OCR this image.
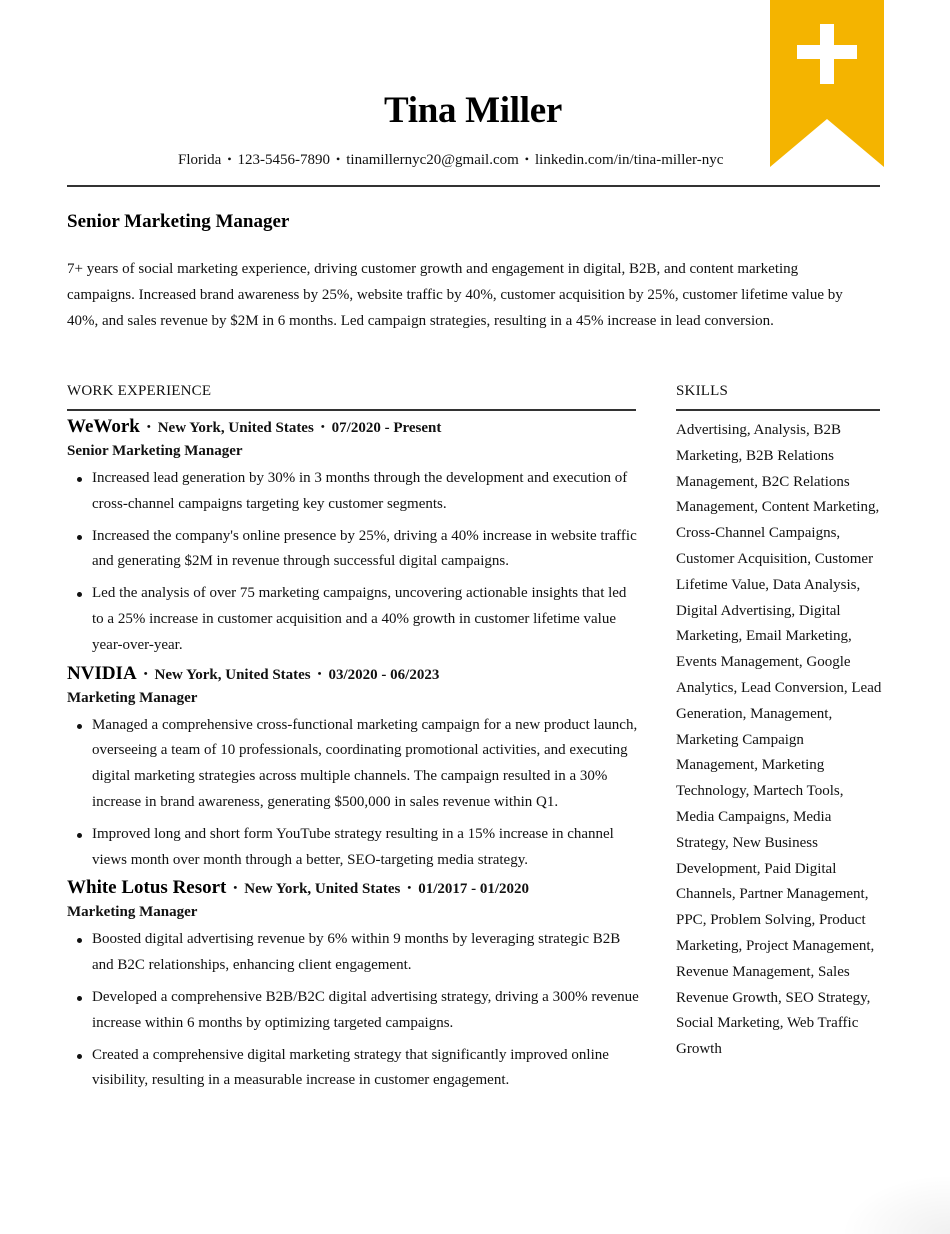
Tina Miller
Florida • 123-5456-7890 • tinamillernyc20@gmail.com • linkedin.com/in/tina-miller-nyc
Senior Marketing Manager
7+ years of social marketing experience, driving customer growth and engagement in digital, B2B, and content marketing campaigns. Increased brand awareness by 25%, website traffic by 40%, customer acquisition by 25%, customer lifetime value by 40%, and sales revenue by $2M in 6 months. Led campaign strategies, resulting in a 45% increase in lead conversion.
WORK EXPERIENCE	SKILLS
WeWork • New York, United States • 07/2020 - Present
Senior Marketing Manager
Increased lead generation by 30% in 3 months through the development and execution of cross-channel campaigns targeting key customer segments.
Increased the company's online presence by 25%, driving a 40% increase in website traffic and generating $2M in revenue through successful digital campaigns.
Led the analysis of over 75 marketing campaigns, uncovering actionable insights that led to a 25% increase in customer acquisition and a 40% growth in customer lifetime value year-over-year.
NVIDIA • New York, United States • 03/2020 - 06/2023
Marketing Manager
Managed a comprehensive cross-functional marketing campaign for a new product launch, overseeing a team of 10 professionals, coordinating promotional activities, and executing digital marketing strategies across multiple channels. The campaign resulted in a 30% increase in brand awareness, generating $500,000 in sales revenue within Q1.
Improved long and short form YouTube strategy resulting in a 15% increase in channel views month over month through a better, SEO-targeting media strategy.
White Lotus Resort • New York, United States • 01/2017 - 01/2020
Marketing Manager
Boosted digital advertising revenue by 6% within 9 months by leveraging strategic B2B and B2C relationships, enhancing client engagement.
Developed a comprehensive B2B/B2C digital advertising strategy, driving a 300% revenue increase within 6 months by optimizing targeted campaigns.
Created a comprehensive digital marketing strategy that significantly improved online visibility, resulting in a measurable increase in customer engagement.
Advertising, Analysis, B2B Marketing, B2B Relations Management, B2C Relations Management, Content Marketing, Cross-Channel Campaigns, Customer Acquisition, Customer Lifetime Value, Data Analysis, Digital Advertising, Digital Marketing, Email Marketing, Events Management, Google Analytics, Lead Conversion, Lead Generation, Management, Marketing Campaign Management, Marketing Technology, Martech Tools, Media Campaigns, Media Strategy, New Business Development, Paid Digital Channels, Partner Management, PPC, Problem Solving, Product Marketing, Project Management, Revenue Management, Sales Revenue Growth, SEO Strategy, Social Marketing, Web Traffic Growth
